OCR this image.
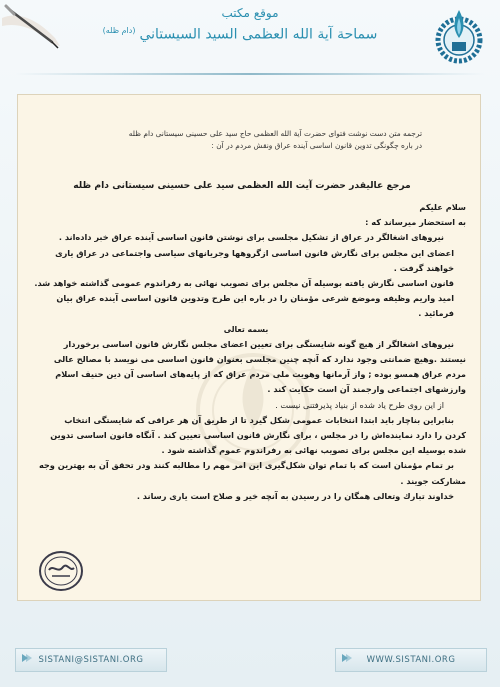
موقع مكتب
$^{(دام ظله)}$ سماحة آية الله العظمى السيد السيستاني
ترجمه متن دست نوشت فتوای حضرت آية الله العظمی حاج سيد علی حسينی سيستانی دام ظله
در باره چگونگی تدوين قانون اساسی آينده عراق ونقش مردم در آن :
مرجع عاليقدر حضرت آيت الله العظمی سيد علی حسينی سيستانی دام ظله

سلام عليكم

به استحضار ميرساند كه :

نيروهای اشغالگر در عراق از تشكيل مجلسی برای نوشتن قانون اساسی آينده عراق خبر داده‌اند .

اعضای اين مجلس برای نگارش قانون اساسی ازگروهها وجريانهای سياسی واجتماعی در عراق ياری

خواهند گرفت .

قانون اساسی نگارش يافته بوسيله آن مجلس برای تصويب نهائی به رفراندوم عمومی گذاشته خواهد شد.

اميد واريم وظيفه وموضع شرعی مؤمنان را در باره اين طرح وتدوين قانون اساسی آينده عراق بيان

فرمائيد .

بسمه تعالی

نيروهای اشغالگر از هيچ گونه شايستگی برای تعيين اعضای مجلس نگارش قانون اساسی برخوردار

نيستند .وهيچ ضمانتی وجود ندارد كه آنچه چنين مجلسی بعنوان قانون اساسی می نويسد با مصالح عالی

مردم عراق همسو بوده ; واز آرمانها وهويت ملی مردم عراق كه از پايه‌های اساسی آن دين حنيف اسلام

وارزشهای اجتماعی وارجمند آن است حكايت كند .

از اين روی طرح ياد شده از بنياد پذيرفتنی نيست .

بنابراين بناچار بايد ابتدا انتخابات عمومی شكل گيرد تا از طريق آن هر عراقی كه شايستگی انتخاب

كردن را دارد نماينده‌اش را در مجلس ، برای نگارش قانون اساسی تعيين كند . آنگاه قانون اساسی تدوين

شده بوسيله اين مجلس برای تصويب نهائی به رفراندوم عموم گذاشته شود .

بر تمام مؤمنان است كه با تمام توان شكل‌گيری اين امر مهم را مطالبه كنند ودر تحقق آن به بهترين وجه

مشاركت جويند .

خداوند تبارك وتعالی همگان را در رسيدن به آنچه خير و صلاح است ياری رساند .

SISTANI@SISTANI.ORG	WWW.SISTANI.ORG
